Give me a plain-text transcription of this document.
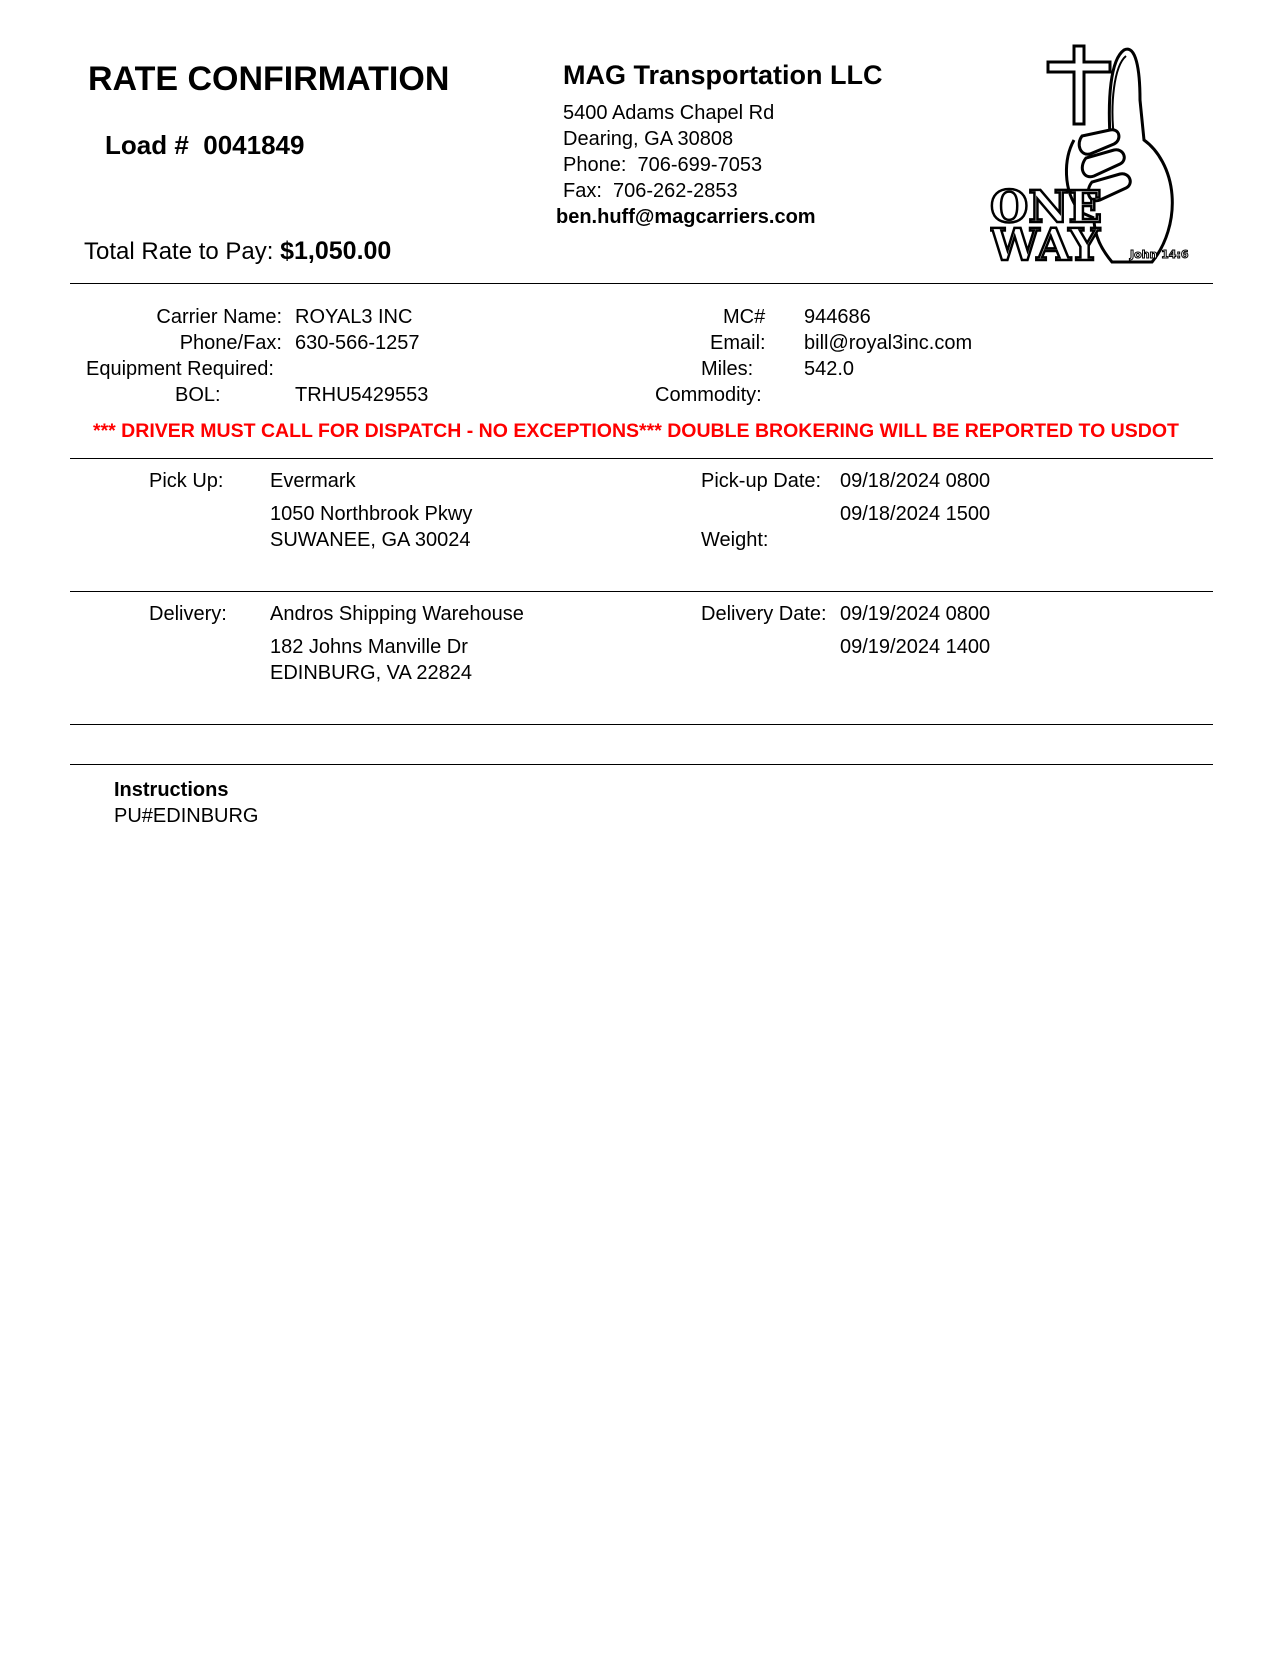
RATE CONFIRMATION
Load # 0041849
Total Rate to Pay: $1,050.00
MAG Transportation LLC
5400 Adams Chapel Rd
Dearing, GA 30808
Phone: 706-699-7053
Fax: 706-262-2853
ben.huff@magcarriers.com	ONE
WAY	John 14:6
Carrier Name: ROYAL3 INC
Phone/Fax: 630-566-1257
Equipment Required:
BOL:	TRHU5429553
MC# 944686
Email: bill@royal3inc.com
Miles:	542.0
Commodity:
*** DRIVER MUST CALL FOR DISPATCH - NO EXCEPTIONS*** DOUBLE BROKERING WILL BE REPORTED TO USDOT
Pick Up: Evermark
1050 Northbrook Pkwy
SUWANEE, GA 30024
Pick-up Date: 09/18/2024 0800
09/18/2024 1500
Weight:
Delivery: Andros Shipping Warehouse
182 Johns Manville Dr
EDINBURG, VA 22824
Delivery Date: 09/19/2024 0800
09/19/2024 1400
Instructions
PU#EDINBURG
